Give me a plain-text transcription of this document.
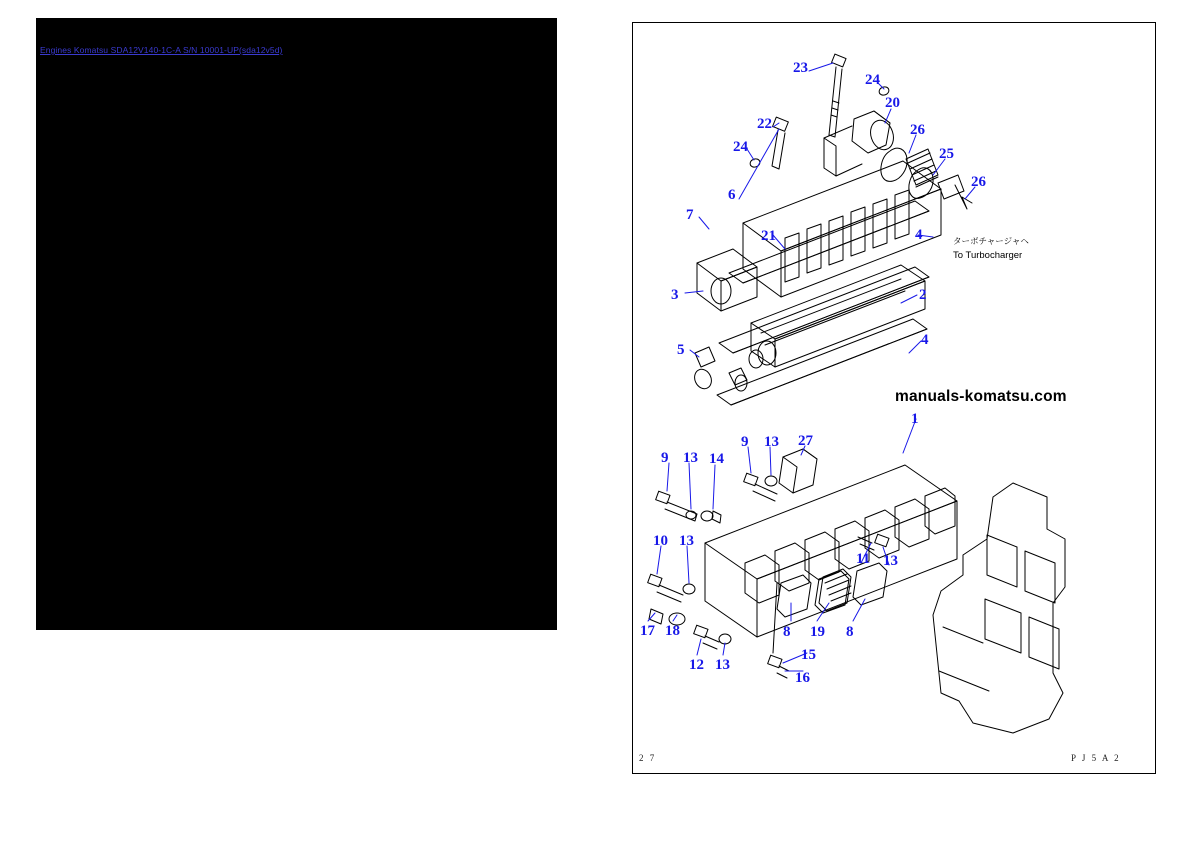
Engines Komatsu SDA12V140-1C-A S/N 10001-UP(sda12v5d)
23
24
20
26
22
25
24
26
6
7
21	4
3	2
4
5
1
9 13 14
9 13 27
10 13
11 13
17 18	8 19 8
12 13
15
16
ターボチャージャヘ
To Turbocharger
manuals-komatsu.com
2 7	P J 5 A 2
